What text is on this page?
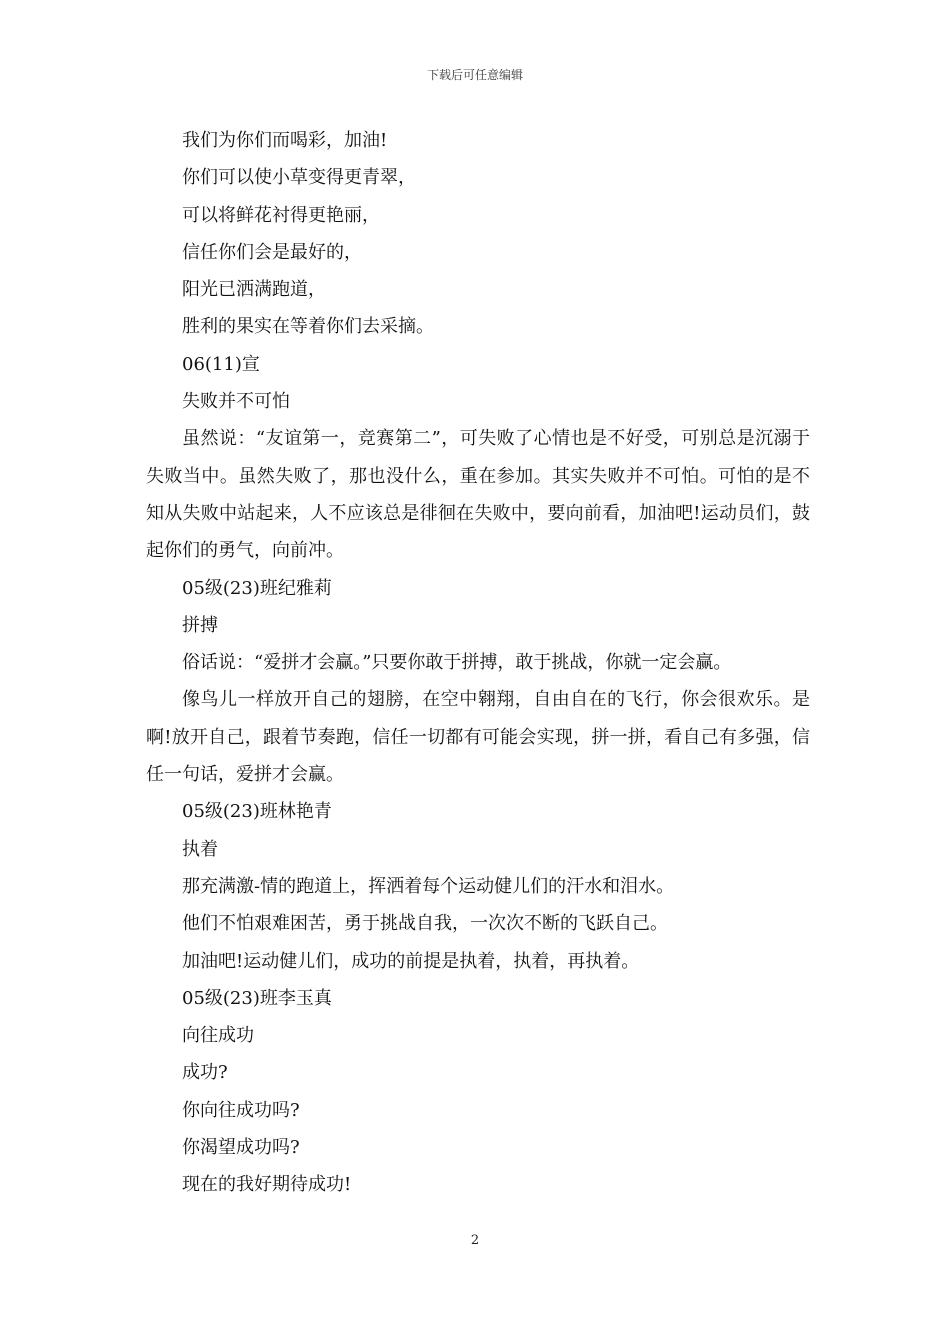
下载后可任意编辑

我们为你们而喝彩，加油!

你们可以使小草变得更青翠，

可以将鲜花衬得更艳丽，

信任你们会是最好的，

阳光已洒满跑道，

胜利的果实在等着你们去采摘。

06(11)宣

失败并不可怕

虽然说：“友谊第一，竞赛第二”，可失败了心情也是不好受，可别总是沉溺于失败当中。虽然失败了，那也没什么，重在参加。其实失败并不可怕。可怕的是不知从失败中站起来，人不应该总是徘徊在失败中，要向前看，加油吧!运动员们，鼓起你们的勇气，向前冲。

05级(23)班纪雅莉

拼搏

俗话说：“爱拼才会赢。”只要你敢于拼搏，敢于挑战，你就一定会赢。

像鸟儿一样放开自己的翅膀，在空中翱翔，自由自在的飞行，你会很欢乐。是啊!放开自己，跟着节奏跑，信任一切都有可能会实现，拼一拼，看自己有多强，信任一句话，爱拼才会赢。

05级(23)班林艳青

执着

那充满激-情的跑道上，挥洒着每个运动健儿们的汗水和泪水。

他们不怕艰难困苦，勇于挑战自我，一次次不断的飞跃自己。

加油吧!运动健儿们，成功的前提是执着，执着，再执着。

05级(23)班李玉真

向往成功

成功?

你向往成功吗?

你渴望成功吗?

现在的我好期待成功!

2
